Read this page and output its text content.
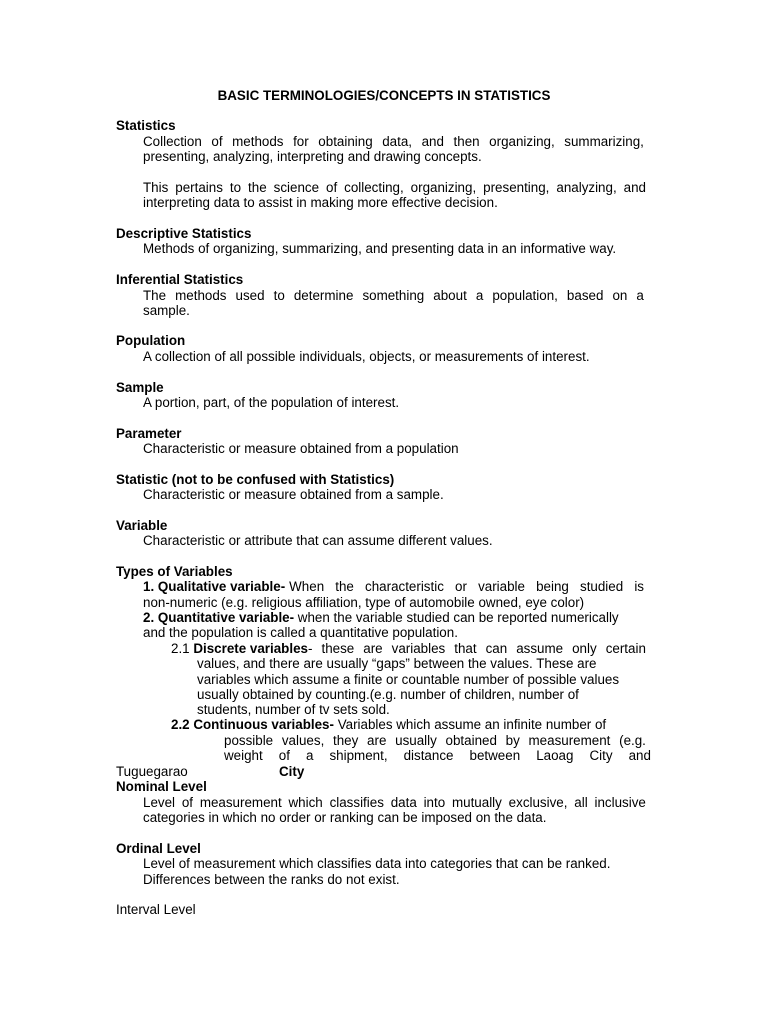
BASIC TERMINOLOGIES/CONCEPTS IN STATISTICS
Statistics
Collection of methods for obtaining data, and then organizing, summarizing,
presenting, analyzing, interpreting and drawing concepts.
This pertains to the science of collecting, organizing, presenting, analyzing, and
interpreting data to assist in making more effective decision.
Descriptive Statistics
Methods of organizing, summarizing, and presenting data in an informative way.
Inferential Statistics
The methods used to determine something about a population, based on a
sample.
Population
A collection of all possible individuals, objects, or measurements of interest.
Sample
A portion, part, of the population of interest.
Parameter
Characteristic or measure obtained from a population
Statistic (not to be confused with Statistics)
Characteristic or measure obtained from a sample.
Variable
Characteristic or attribute that can assume different values.
Types of Variables
1. Qualitative variable- When the characteristic or variable being studied is
non-numeric (e.g. religious affiliation, type of automobile owned, eye color)
2. Quantitative variable- when the variable studied can be reported numerically
and the population is called a quantitative population.
2.1 Discrete variables - these are variables that can assume only certain
values, and there are usually “gaps” between the values. These are
variables which assume a finite or countable number of possible values
usually obtained by counting.(e.g. number of children, number of
students, number of tv sets sold.
2.2 Continuous variables- Variables which assume an infinite number of
possible values, they are usually obtained by measurement (e.g.
weight of a shipment, distance between Laoag City and
Tuguegarao	City
Nominal Level
Level of measurement which classifies data into mutually exclusive, all inclusive
categories in which no order or ranking can be imposed on the data.
Ordinal Level
Level of measurement which classifies data into categories that can be ranked.
Differences between the ranks do not exist.
Interval Level
